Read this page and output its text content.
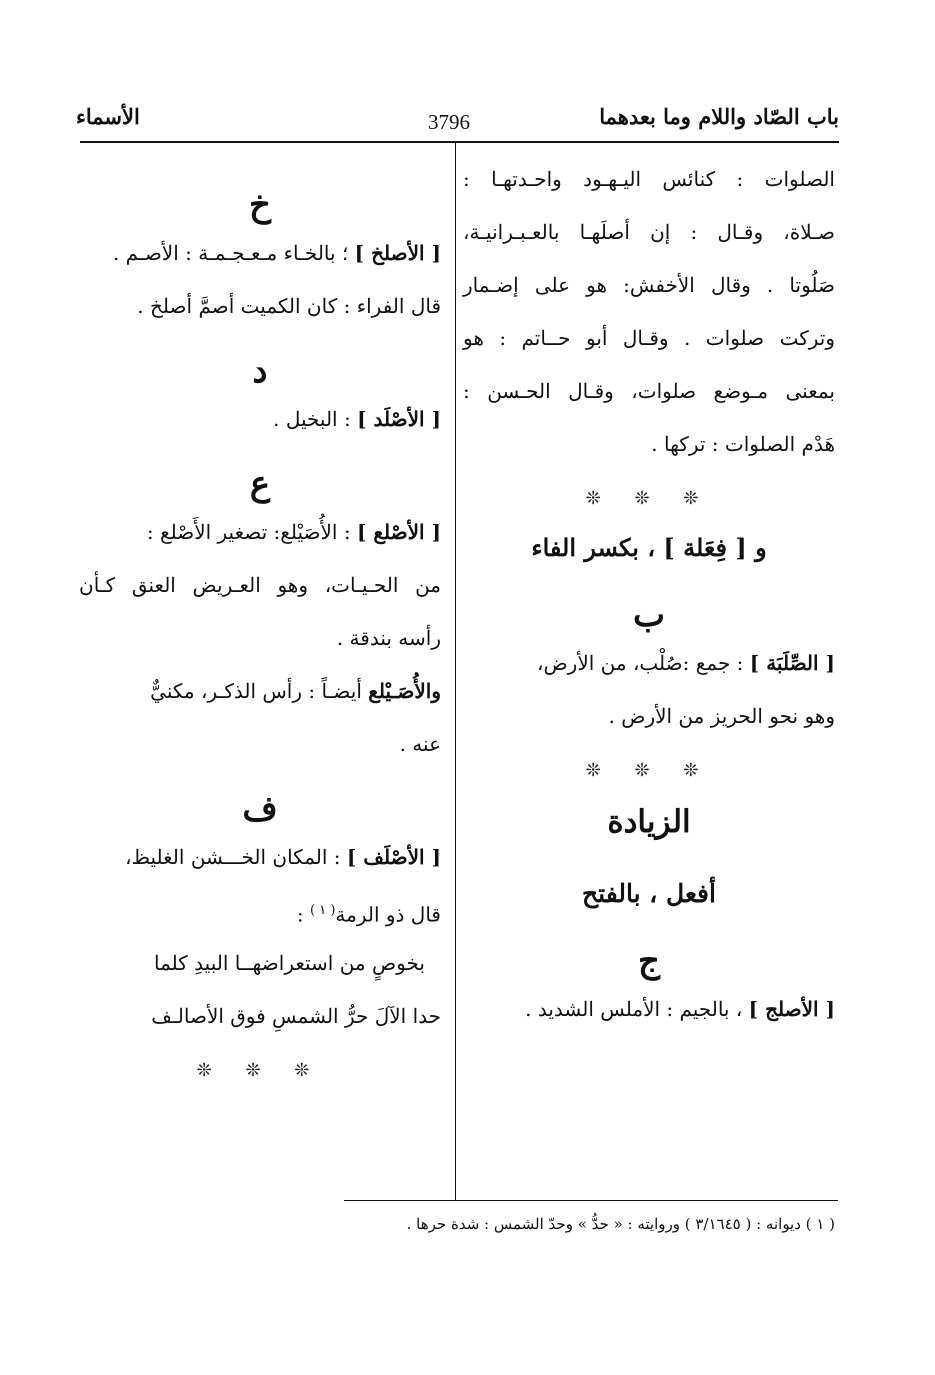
باب الصّاد واللام وما بعدهما
3796
الأسماء
الصلوات : كنائس اليـهـود واحـدتهـا :
صـلاة، وقـال : إن أصلَهـا بالعـبـرانيـة،
صَلُوتا . وقال الأخفش: هو على إضـمار
وتركت صلوات . وقـال أبو حــاتم : هو
بمعنى مـوضع صلوات، وقـال الحـسن :
هَدْم الصلوات : تركها .
❊ ❊ ❊
و [ فِعَلة ] ، بكسر الفاء
ب
[ الصِّلَبَة ] : جمع :صُلْب، من الأرض،
وهو نحو الحريز من الأرض .
❊ ❊ ❊
الزيادة
أفعل ، بالفتح
ج
[ الأصلج ] ، بالجيم : الأملس الشديد .
خ
[ الأصلخ ] ؛ بالخـاء مـعـجـمـة : الأصـم .
قال الفراء : كان الكميت أصمَّ أصلخ .
د
[ الأصْلَد ] : البخيل .
ع
[ الأصْلع ] : الأُصَيْلع: تصغير الأَصْلع :
من الحـيـات، وهو العـريض العنق كـأن
رأسه بندقة .
والأُصَـيْلع أيضـاً : رأس الذكـر، مكنيٌّ
عنه .
ف
[ الأصْلَف ] : المكان الخـــشن الغليظ،
قال ذو الرمة$^{( ١ )}$ :
بخوصٍ من استعراضهــا البيدِ كلما
حدا الآلَ حرُّ الشمسِ فوق الأصالـف
❊ ❊ ❊
( ١ ) ديوانه : ( ٣/١٦٤٥ ) وروايته : « حدُّ » وحدّ الشمس : شدة حرها .
